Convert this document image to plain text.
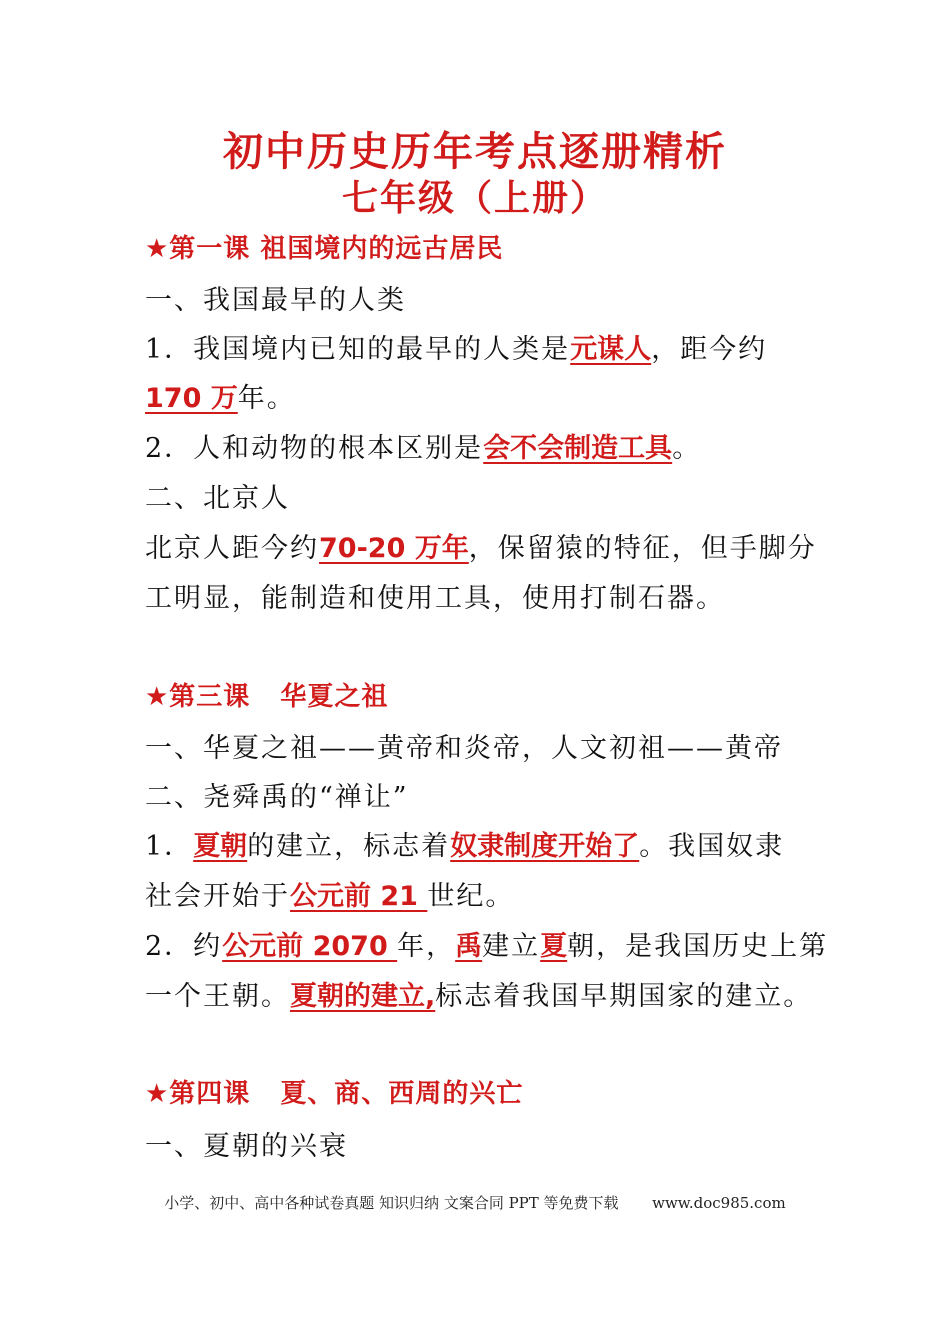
初中历史历年考点逐册精析
七年级（上册）
★第一课 祖国境内的远古居民
一、我国最早的人类
1．我国境内已知的最早的人类是元谋人，距今约
170 万年。
2．人和动物的根本区别是会不会制造工具。
二、北京人
北京人距今约70-20 万年，保留猿的特征，但手脚分
工明显，能制造和使用工具，使用打制石器。
★第三课 华夏之祖
一、华夏之祖——黄帝和炎帝，人文初祖——黄帝
二、尧舜禹的“禅让”
1．夏朝的建立，标志着奴隶制度开始了。我国奴隶
社会开始于公元前 21 世纪。
2．约公元前 2070 年，禹建立夏朝，是我国历史上第
一个王朝。夏朝的建立,标志着我国早期国家的建立。
★第四课 夏、商、西周的兴亡
一、夏朝的兴衰
小学、初中、高中各种试卷真题 知识归纳 文案合同 PPT 等免费下载 www.doc985.com
